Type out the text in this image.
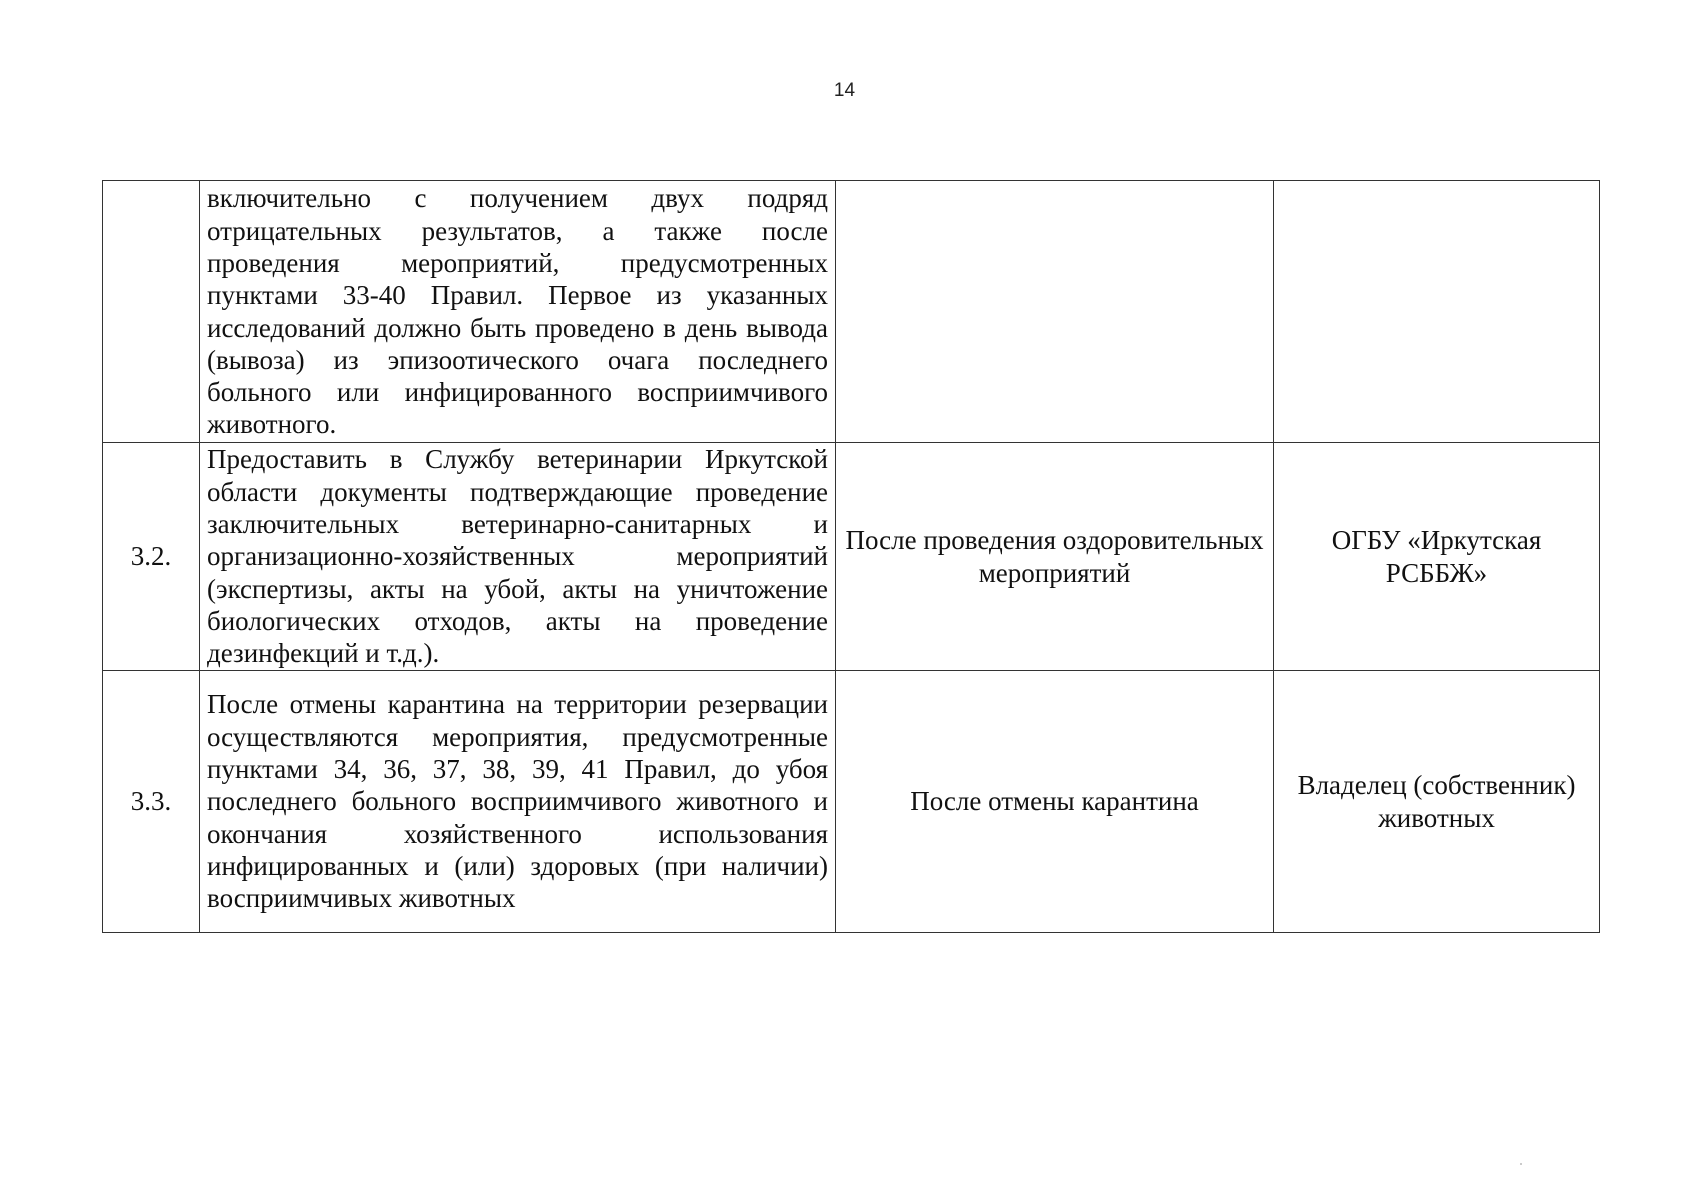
14
	включительно с получением двух подряд отрицательных результатов, а также после проведения мероприятий, предусмотренных пунктами 33-40 Правил. Первое из указанных исследований должно быть проведено в день вывода (вывоза) из эпизоотического очага последнего больного или инфицированного восприимчивого животного.		
3.2.	Предоставить в Службу ветеринарии Иркутской области документы подтверждающие проведение заключительных ветеринарно-санитарных и организационно-хозяйственных мероприятий (экспертизы, акты на убой, акты на уничтожение биологических отходов, акты на проведение дезинфекций и т.д.).	После проведения оздоровительных мероприятий	ОГБУ «Иркутская РСББЖ»
3.3.	После отмены карантина на территории резервации осуществляются мероприятия, предусмотренные пунктами 34, 36, 37, 38, 39, 41 Правил, до убоя последнего больного восприимчивого животного и окончания хозяйственного использования инфицированных и (или) здоровых (при наличии) восприимчивых животных	После отмены карантина	Владелец (собственник) животных
